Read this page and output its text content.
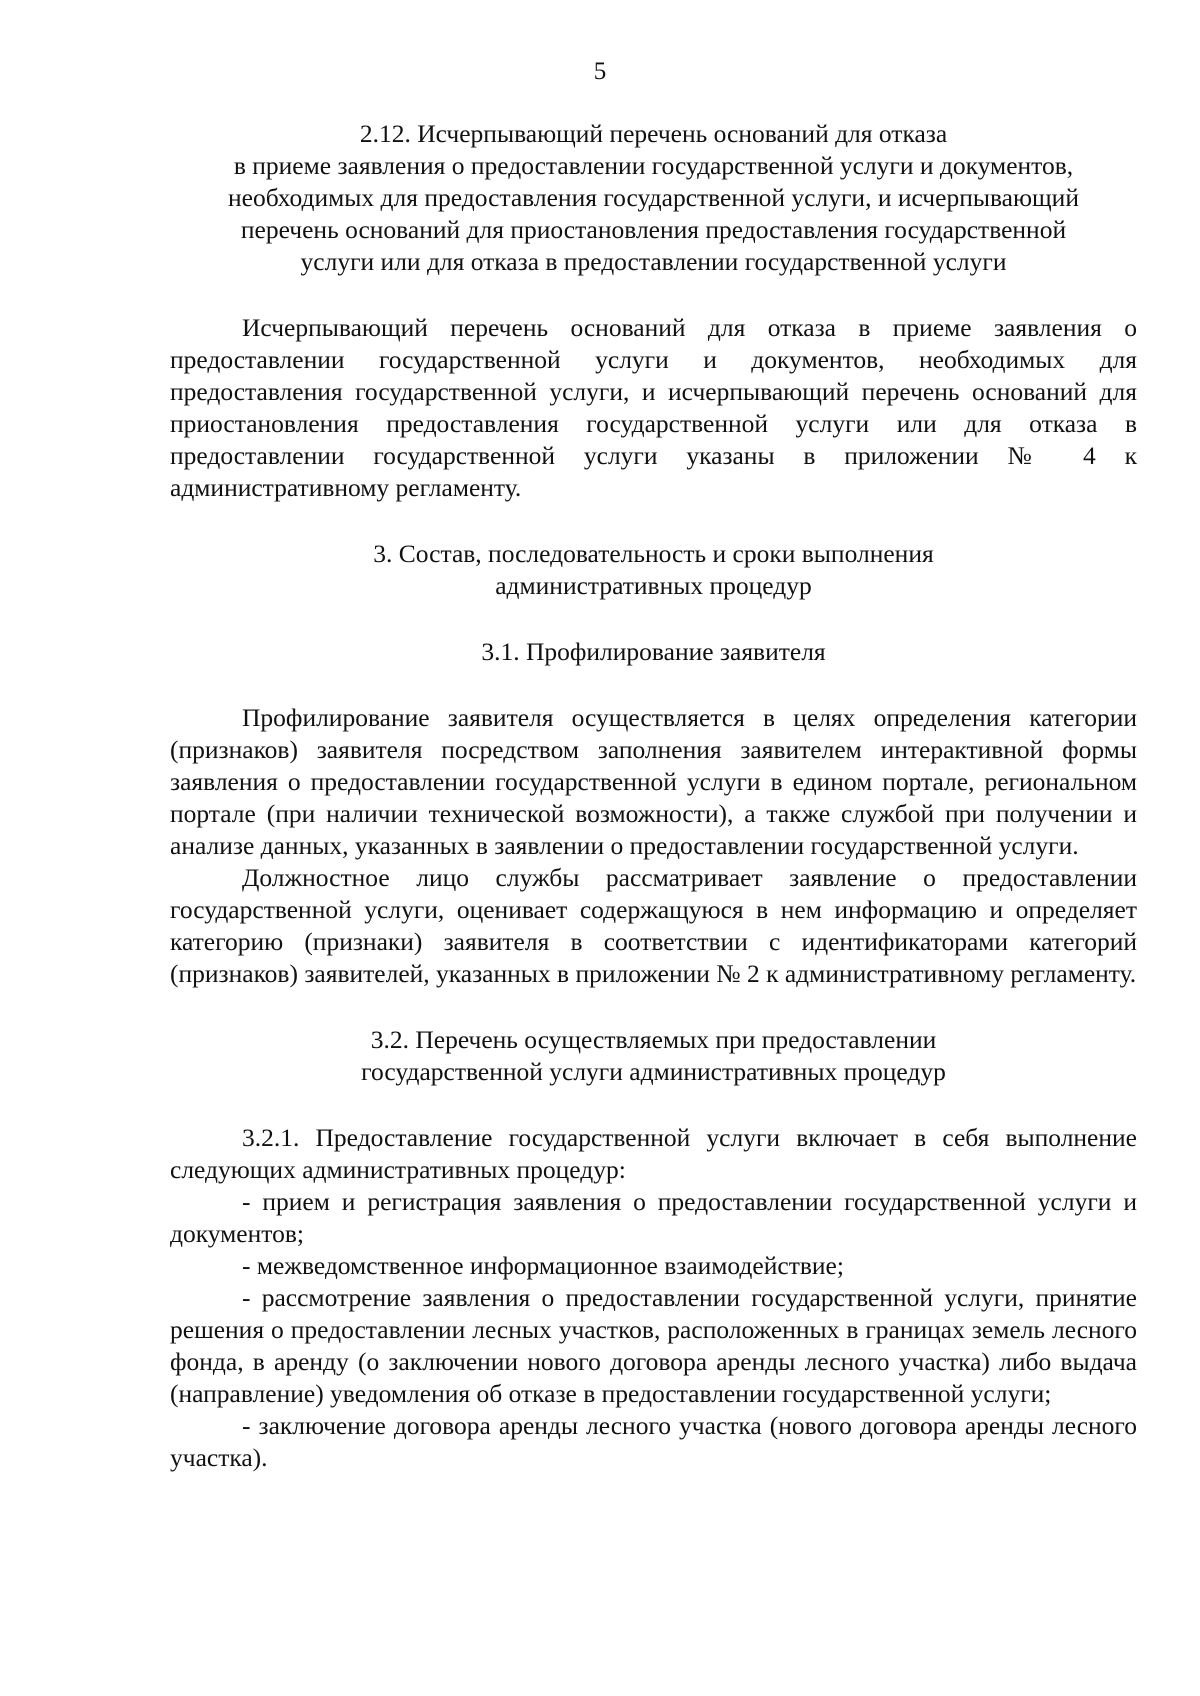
5
2.12. Исчерпывающий перечень оснований для отказа
в приеме заявления о предоставлении государственной услуги и документов,
необходимых для предоставления государственной услуги, и исчерпывающий
перечень оснований для приостановления предоставления государственной
услуги или для отказа в предоставлении государственной услуги

Исчерпывающий перечень оснований для отказа в приеме заявления о предоставлении государственной услуги и документов, необходимых для предоставления государственной услуги, и исчерпывающий перечень оснований для приостановления предоставления государственной услуги или для отказа в предоставлении государственной услуги указаны в приложении № 4 к административному регламенту.

3. Состав, последовательность и сроки выполнения
административных процедур
3.1. Профилирование заявителя

Профилирование заявителя осуществляется в целях определения категории (признаков) заявителя посредством заполнения заявителем интерактивной формы заявления о предоставлении государственной услуги в едином портале, региональном портале (при наличии технической возможности), а также службой при получении и анализе данных, указанных в заявлении о предоставлении государственной услуги.

Должностное лицо службы рассматривает заявление о предоставлении государственной услуги, оценивает содержащуюся в нем информацию и определяет категорию (признаки) заявителя в соответствии с идентификаторами категорий (признаков) заявителей, указанных в приложении № 2 к административному регламенту.

3.2. Перечень осуществляемых при предоставлении
государственной услуги административных процедур

3.2.1. Предоставление государственной услуги включает в себя выполнение следующих административных процедур:

- прием и регистрация заявления о предоставлении государственной услуги и документов;

- межведомственное информационное взаимодействие;

- рассмотрение заявления о предоставлении государственной услуги, принятие решения о предоставлении лесных участков, расположенных в границах земель лесного фонда, в аренду (о заключении нового договора аренды лесного участка) либо выдача (направление) уведомления об отказе в предоставлении государственной услуги;

- заключение договора аренды лесного участка (нового договора аренды лесного участка).
